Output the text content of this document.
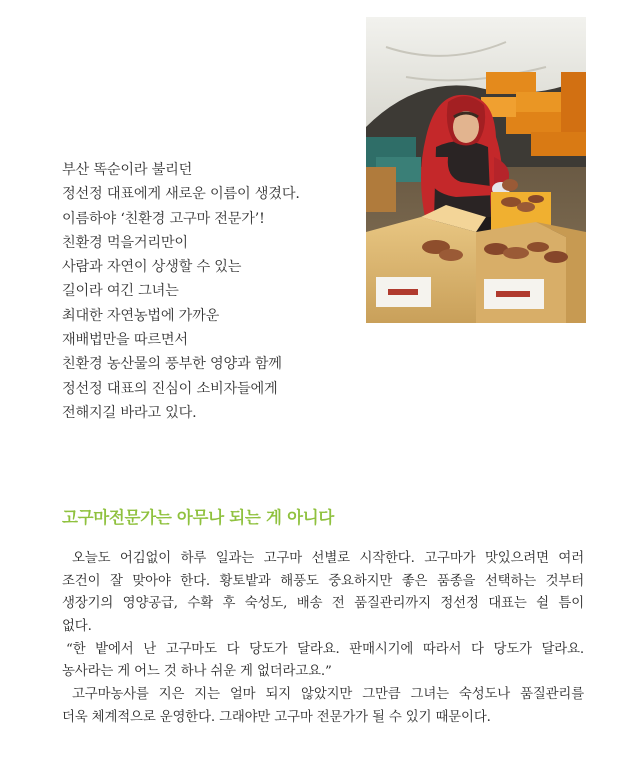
부산 똑순이라 불리던
정선정 대표에게 새로운 이름이 생겼다.
이름하야 ‘친환경 고구마 전문가’!
친환경 먹을거리만이
사람과 자연이 상생할 수 있는
길이라 여긴 그녀는
최대한 자연농법에 가까운
재배법만을 따르면서
친환경 농산물의 풍부한 영양과 함께
정선정 대표의 진심이 소비자들에게
전해지길 바라고 있다.
고구마전문가는 아무나 되는 게 아니다
오늘도 어김없이 하루 일과는 고구마 선별로 시작한다. 고구마가 맛있으려면 여러
조건이 잘 맞아야 한다. 황토밭과 해풍도 중요하지만 좋은 품종을 선택하는 것부터
생장기의 영양공급, 수확 후 숙성도, 배송 전 품질관리까지 정선정 대표는 쉴 틈이
없다.
“한 밭에서 난 고구마도 다 당도가 달라요. 판매시기에 따라서 다 당도가 달라요.
농사라는 게 어느 것 하나 쉬운 게 없더라고요.”
고구마농사를 지은 지는 얼마 되지 않았지만 그만큼 그녀는 숙성도나 품질관리를
더욱 체계적으로 운영한다. 그래야만 고구마 전문가가 될 수 있기 때문이다.
